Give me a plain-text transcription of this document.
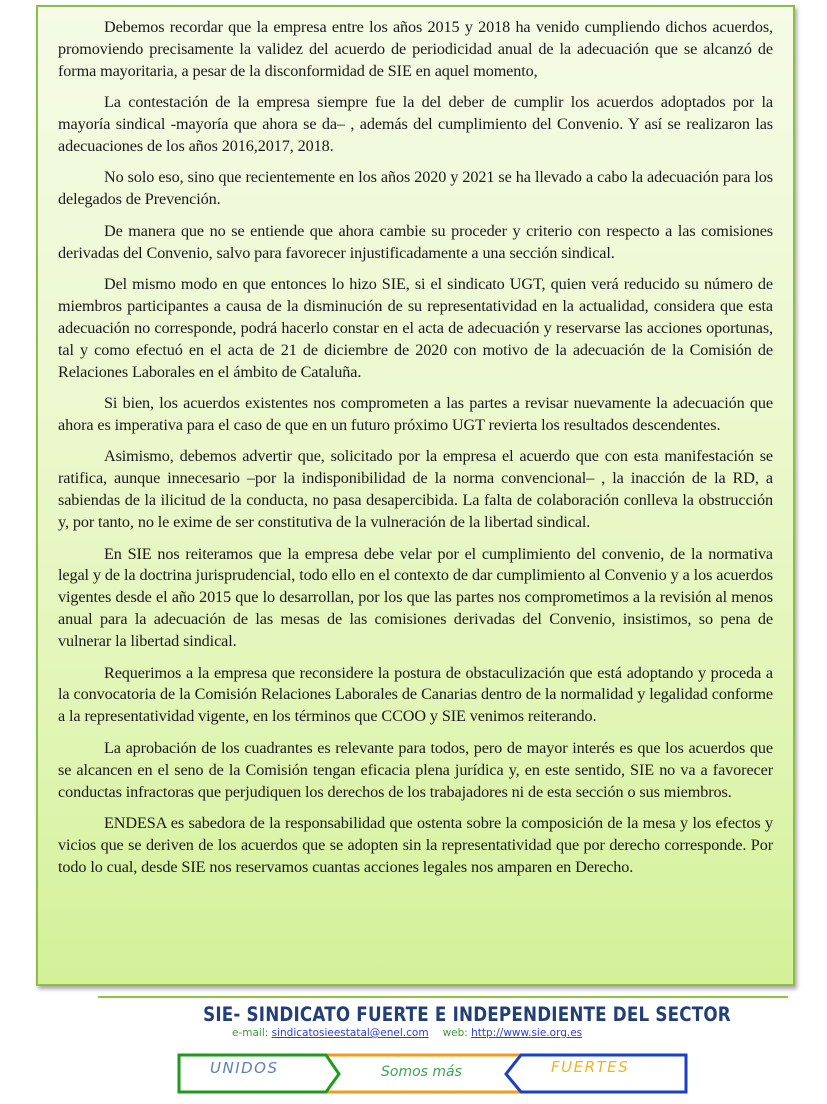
Debemos recordar que la empresa entre los años 2015 y 2018 ha venido cumpliendo dichos acuerdos, promoviendo precisamente la validez del acuerdo de periodicidad anual de la adecuación que se alcanzó de forma mayoritaria, a pesar de la disconformidad de SIE en aquel momento,

La contestación de la empresa siempre fue la del deber de cumplir los acuerdos adoptados por la mayoría sindical -mayoría que ahora se da– , además del cumplimiento del Convenio. Y así se realizaron las adecuaciones de los años 2016,2017, 2018.

No solo eso, sino que recientemente en los años 2020 y 2021 se ha llevado a cabo la adecuación para los delegados de Prevención.

De manera que no se entiende que ahora cambie su proceder y criterio con respecto a las comisiones derivadas del Convenio, salvo para favorecer injustificadamente a una sección sindical.

Del mismo modo en que entonces lo hizo SIE, si el sindicato UGT, quien verá reducido su número de miembros participantes a causa de la disminución de su representatividad en la actualidad, considera que esta adecuación no corresponde, podrá hacerlo constar en el acta de adecuación y reservarse las acciones oportunas, tal y como efectuó en el acta de 21 de diciembre de 2020 con motivo de la adecuación de la Comisión de Relaciones Laborales en el ámbito de Cataluña.

Si bien, los acuerdos existentes nos comprometen a las partes a revisar nuevamente la adecuación que ahora es imperativa para el caso de que en un futuro próximo UGT revierta los resultados descendentes.

Asimismo, debemos advertir que, solicitado por la empresa el acuerdo que con esta manifestación se ratifica, aunque innecesario –por la indisponibilidad de la norma convencional– , la inacción de la RD, a sabiendas de la ilicitud de la conducta, no pasa desapercibida. La falta de colaboración conlleva la obstrucción y, por tanto, no le exime de ser constitutiva de la vulneración de la libertad sindical.

En SIE nos reiteramos que la empresa debe velar por el cumplimiento del convenio, de la normativa legal y de la doctrina jurisprudencial, todo ello en el contexto de dar cumplimiento al Convenio y a los acuerdos vigentes desde el año 2015 que lo desarrollan, por los que las partes nos comprometimos a la revisión al menos anual para la adecuación de las mesas de las comisiones derivadas del Convenio, insistimos, so pena de vulnerar la libertad sindical.

Requerimos a la empresa que reconsidere la postura de obstaculización que está adoptando y proceda a la convocatoria de la Comisión Relaciones Laborales de Canarias dentro de la normalidad y legalidad conforme a la representatividad vigente, en los términos que CCOO y SIE venimos reiterando.

La aprobación de los cuadrantes es relevante para todos, pero de mayor interés es que los acuerdos que se alcancen en el seno de la Comisión tengan eficacia plena jurídica y, en este sentido, SIE no va a favorecer conductas infractoras que perjudiquen los derechos de los trabajadores ni de esta sección o sus miembros.

ENDESA es sabedora de la responsabilidad que ostenta sobre la composición de la mesa y los efectos y vicios que se deriven de los acuerdos que se adopten sin la representatividad que por derecho corresponde. Por todo lo cual, desde SIE nos reservamos cuantas acciones legales nos amparen en Derecho.

SIE- SINDICATO FUERTE E INDEPENDIENTE DEL SECTOR
e-mail: sindicatosieestatal@enel.com web: http://www.sie.org.es
UNIDOS	Somos más	FUERTES
